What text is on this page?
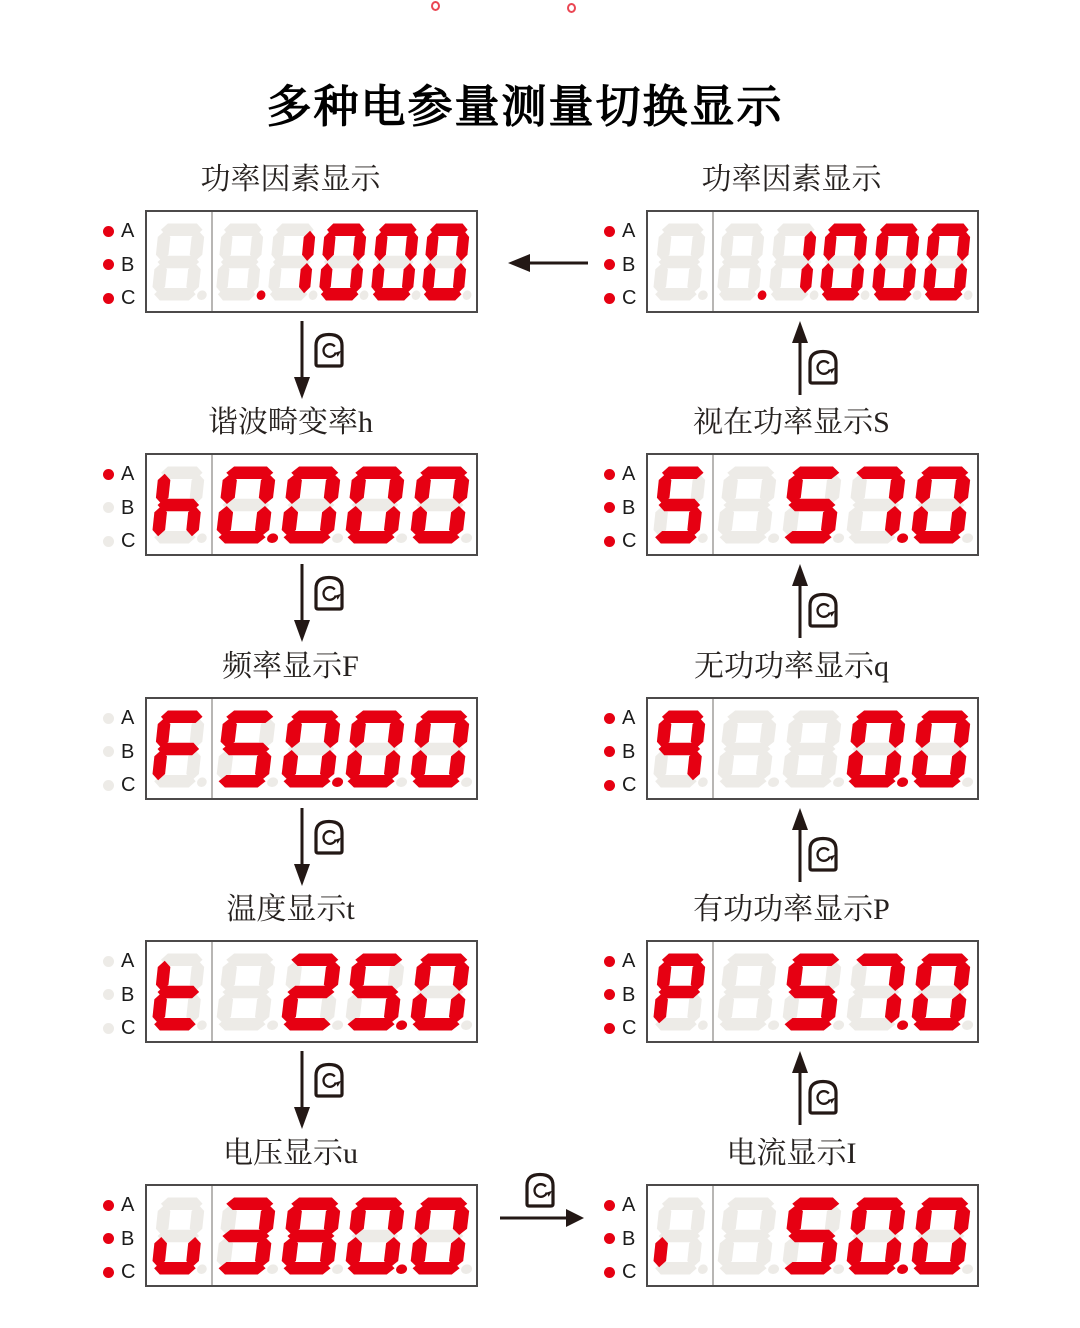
多种电参量测量切换显示
功率因素显示
A
B
C
谐波畸变率h
A
B
C
频率显示F
A
B
C
温度显示t
A
B
C
电压显示u
A
B
C
功率因素显示
A
B
C
视在功率显示S
A
B
C
无功功率显示q
A
B
C
有功功率显示P
A
B
C
电流显示I
A
B
C
